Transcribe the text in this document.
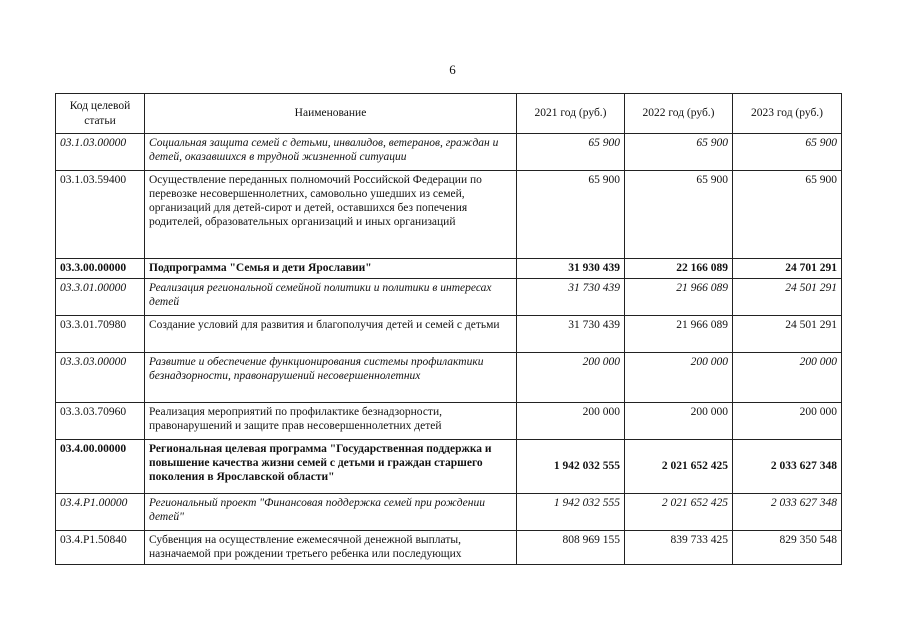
6
Код целевой статьи	Наименование	2021 год (руб.)	2022 год (руб.)	2023 год (руб.)
03.1.03.00000	Социальная защита семей с детьми, инвалидов, ветеранов, граждан и детей, оказавшихся в трудной жизненной ситуации	65 900	65 900	65 900
03.1.03.59400	Осуществление переданных полномочий Российской Федерации по перевозке несовершеннолетних, самовольно ушедших из семей, организаций для детей-сирот и детей, оставшихся без попечения родителей, образовательных организаций и иных организаций	65 900	65 900	65 900
03.3.00.00000	Подпрограмма "Семья и дети Ярославии"	31 930 439	22 166 089	24 701 291
03.3.01.00000	Реализация региональной семейной политики и политики в интересах детей	31 730 439	21 966 089	24 501 291
03.3.01.70980	Создание условий для развития и благополучия детей и семей с детьми	31 730 439	21 966 089	24 501 291
03.3.03.00000	Развитие и обеспечение функционирования системы профилактики безнадзорности, правонарушений несовершеннолетних	200 000	200 000	200 000
03.3.03.70960	Реализация мероприятий по профилактике безнадзорности, правонарушений и защите прав несовершеннолетних детей	200 000	200 000	200 000
03.4.00.00000	Региональная целевая программа "Государственная поддержка и повышение качества жизни семей с детьми и граждан старшего поколения в Ярославской области"	1 942 032 555	2 021 652 425	2 033 627 348
03.4.Р1.00000	Региональный проект "Финансовая поддержка семей при рождении детей"	1 942 032 555	2 021 652 425	2 033 627 348
03.4.Р1.50840	Субвенция на осуществление ежемесячной денежной выплаты, назначаемой при рождении третьего ребенка или последующих	808 969 155	839 733 425	829 350 548
